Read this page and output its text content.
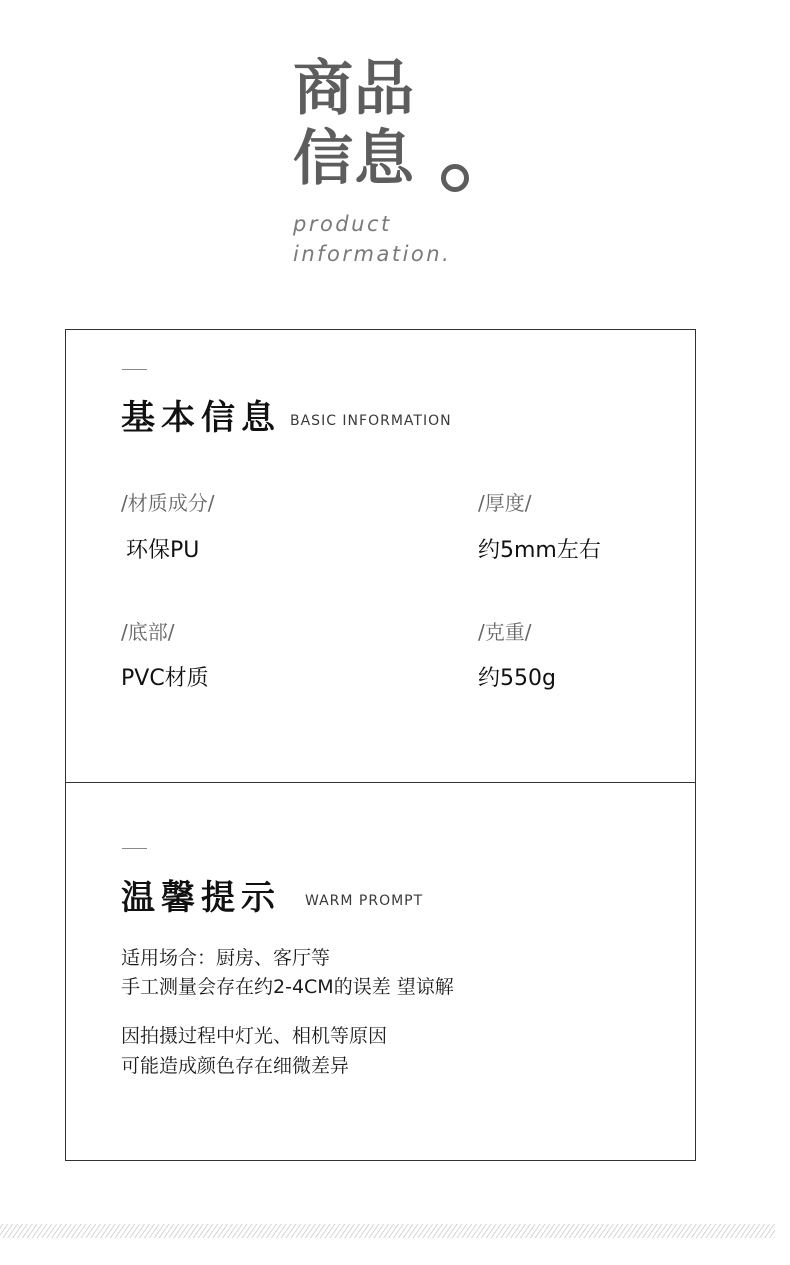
商品
信息
product
information.
基本信息 BASIC INFORMATION
/材质成分/
环保PU
/厚度/
约5mm左右
/底部/
PVC材质
/克重/
约550g
温馨提示 WARM PROMPT
适用场合：厨房、客厅等
手工测量会存在约2-4CM的误差 望谅解
因拍摄过程中灯光、相机等原因
可能造成颜色存在细微差异
